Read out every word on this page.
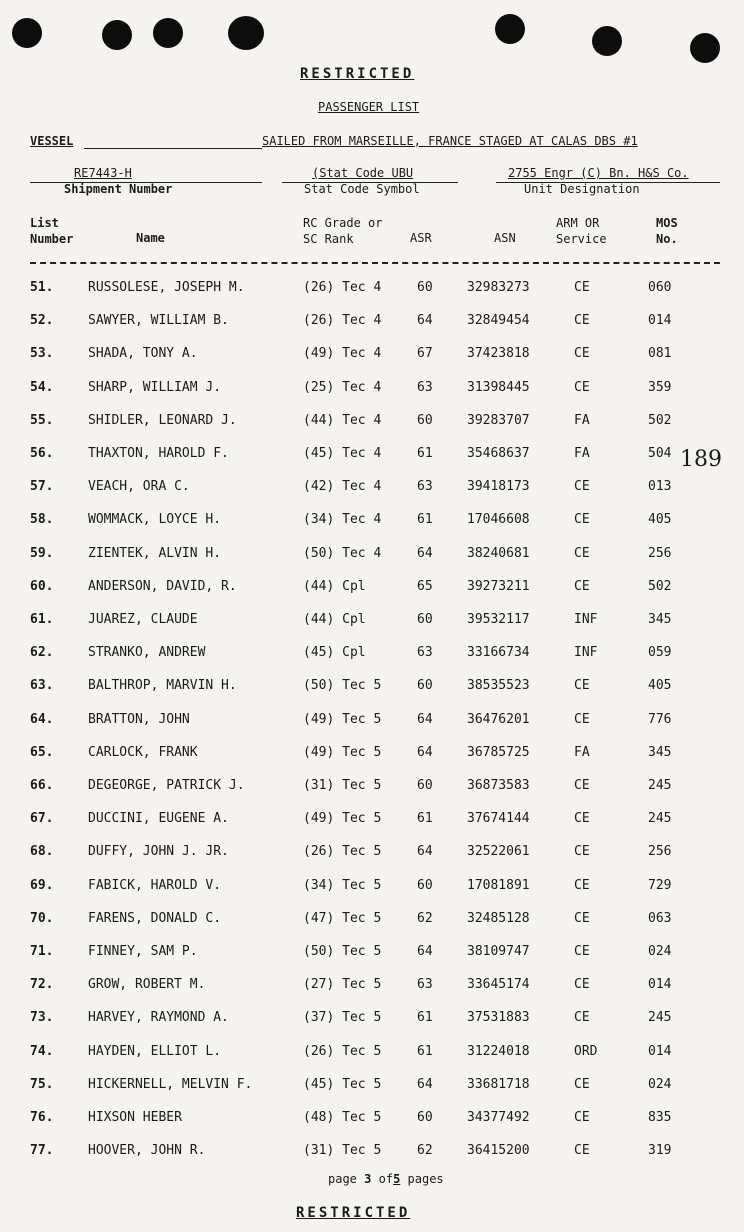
RESTRICTED
PASSENGER LIST
VESSEL	SAILED FROM MARSEILLE, FRANCE STAGED AT CALAS DBS #1
RE7443-H
Shipment Number
(Stat Code UBU
Stat Code Symbol
2755 Engr (C) Bn. H&S Co.
Unit Designation
List
Number	Name
RC Grade or
SC Rank	ASR	ASN
ARM OR
Service
MOS
No.
51.	RUSSOLESE, JOSEPH M.	(26) Tec 4	60	32983273	CE	060
52.	SAWYER, WILLIAM B.	(26) Tec 4	64	32849454	CE	014
53.	SHADA, TONY A.	(49) Tec 4	67	37423818	CE	081
54.	SHARP, WILLIAM J.	(25) Tec 4	63	31398445	CE	359
55.	SHIDLER, LEONARD J.	(44) Tec 4	60	39283707	FA	502
56.	THAXTON, HAROLD F.	(45) Tec 4	61	35468637	FA	504
57.	VEACH, ORA C.	(42) Tec 4	63	39418173	CE	013
58.	WOMMACK, LOYCE H.	(34) Tec 4	61	17046608	CE	405
59.	ZIENTEK, ALVIN H.	(50) Tec 4	64	38240681	CE	256
60.	ANDERSON, DAVID, R.	(44) Cpl	65	39273211	CE	502
61.	JUAREZ, CLAUDE	(44) Cpl	60	39532117	INF	345
62.	STRANKO, ANDREW	(45) Cpl	63	33166734	INF	059
63.	BALTHROP, MARVIN H.	(50) Tec 5	60	38535523	CE	405
64.	BRATTON, JOHN	(49) Tec 5	64	36476201	CE	776
65.	CARLOCK, FRANK	(49) Tec 5	64	36785725	FA	345
66.	DEGEORGE, PATRICK J.	(31) Tec 5	60	36873583	CE	245
67.	DUCCINI, EUGENE A.	(49) Tec 5	61	37674144	CE	245
68.	DUFFY, JOHN J. JR.	(26) Tec 5	64	32522061	CE	256
69.	FABICK, HAROLD V.	(34) Tec 5	60	17081891	CE	729
70.	FARENS, DONALD C.	(47) Tec 5	62	32485128	CE	063
71.	FINNEY, SAM P.	(50) Tec 5	64	38109747	CE	024
72.	GROW, ROBERT M.	(27) Tec 5	63	33645174	CE	014
73.	HARVEY, RAYMOND A.	(37) Tec 5	61	37531883	CE	245
74.	HAYDEN, ELLIOT L.	(26) Tec 5	61	31224018	ORD	014
75.	HICKERNELL, MELVIN F.	(45) Tec 5	64	33681718	CE	024
76.	HIXSON HEBER	(48) Tec 5	60	34377492	CE	835
77.	HOOVER, JOHN R.	(31) Tec 5	62	36415200	CE	319
189
page 3 of5 pages
RESTRICTED
